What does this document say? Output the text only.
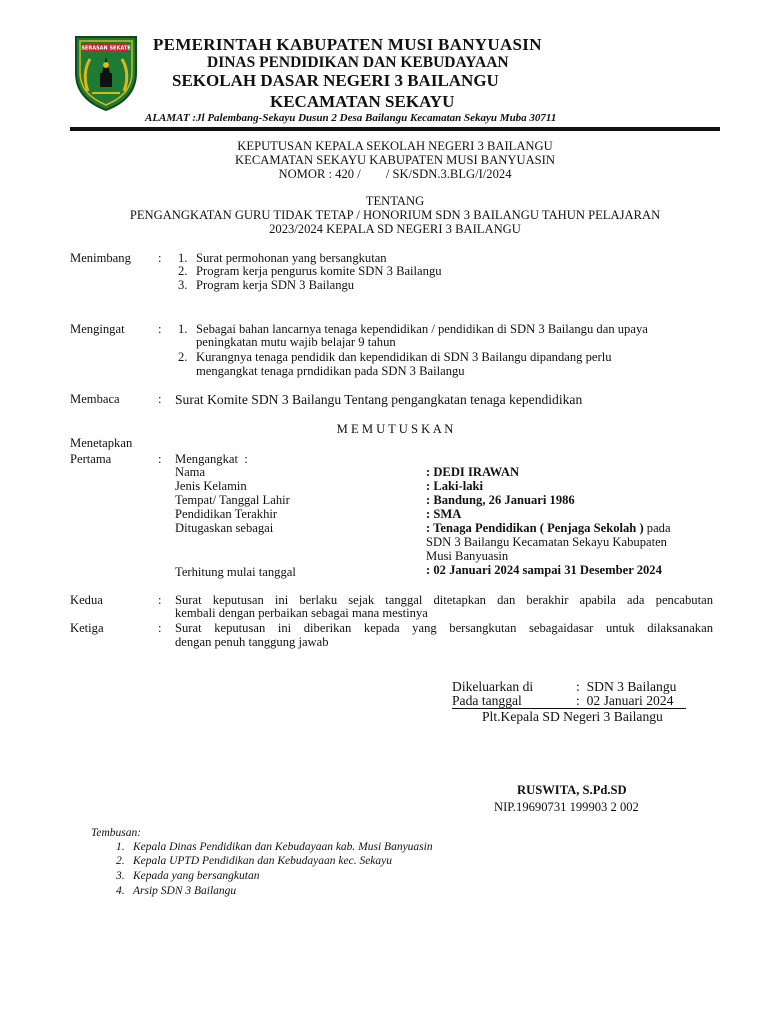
SERASAN SEKATE PEMERINTAH KABUPATEN MUSI BANYUASIN
DINAS PENDIDIKAN DAN KEBUDAYAAN
SEKOLAH DASAR NEGERI 3 BAILANGU
KECAMATAN SEKAYU
ALAMAT :Jl Palembang-Sekayu Dusun 2 Desa Bailangu Kecamatan Sekayu Muba 30711
KEPUTUSAN KEPALA SEKOLAH NEGERI 3 BAILANGU
KECAMATAN SEKAYU KABUPATEN MUSI BANYUASIN
NOMOR : 420 /        / SK/SDN.3.BLG/I/2024
TENTANG
PENGANGKATAN GURU TIDAK TETAP / HONORIUM SDN 3 BAILANGU TAHUN PELAJARAN
2023/2024 KEPALA SD NEGERI 3 BAILANGU
Menimbang : 1. Surat permohonan yang bersangkutan
2. Program kerja pengurus komite SDN 3 Bailangu
3. Program kerja SDN 3 Bailangu
Mengingat	: 1. Sebagai bahan lancarnya tenaga kependidikan / pendidikan di SDN 3 Bailangu dan upaya
peningkatan mutu wajib belajar 9 tahun
2. Kurangnya tenaga pendidik dan kependidikan di SDN 3 Bailangu dipandang perlu
mengangkat tenaga prndidikan pada SDN 3 Bailangu
Membaca	: Surat Komite SDN 3 Bailangu Tentang pengangkatan tenaga kependidikan
M E M U T U S K A N
Menetapkan
Pertama	: Mengangkat  :
Nama	: DEDI IRAWAN
Jenis Kelamin	: Laki-laki
Tempat/ Tanggal Lahir	: Bandung, 26 Januari 1986
Pendidikan Terakhir	: SMA
Ditugaskan sebagai	: Tenaga Pendidikan ( Penjaga Sekolah ) pada
SDN 3 Bailangu Kecamatan Sekayu Kabupaten
Musi Banyuasin
Terhitung mulai tanggal	: 02 Januari 2024 sampai 31 Desember 2024
Kedua	: Surat keputusan ini berlaku sejak tanggal ditetapkan dan berakhir apabila ada pencabutan
kembali dengan perbaikan sebagai mana mestinya
Ketiga	: Surat keputusan ini diberikan kepada yang bersangkutan sebagaidasar untuk dilaksanakan
dengan penuh tanggung jawab
Dikeluarkan di	:  SDN 3 Bailangu
Pada tanggal	:  02 Januari 2024
Plt.Kepala SD Negeri 3 Bailangu
RUSWITA, S.Pd.SD
NIP.19690731 199903 2 002
Tembusan:
1. Kepala Dinas Pendidikan dan Kebudayaan kab. Musi Banyuasin
2. Kepala UPTD Pendidikan dan Kebudayaan kec. Sekayu
3. Kepada yang bersangkutan
4. Arsip SDN 3 Bailangu
